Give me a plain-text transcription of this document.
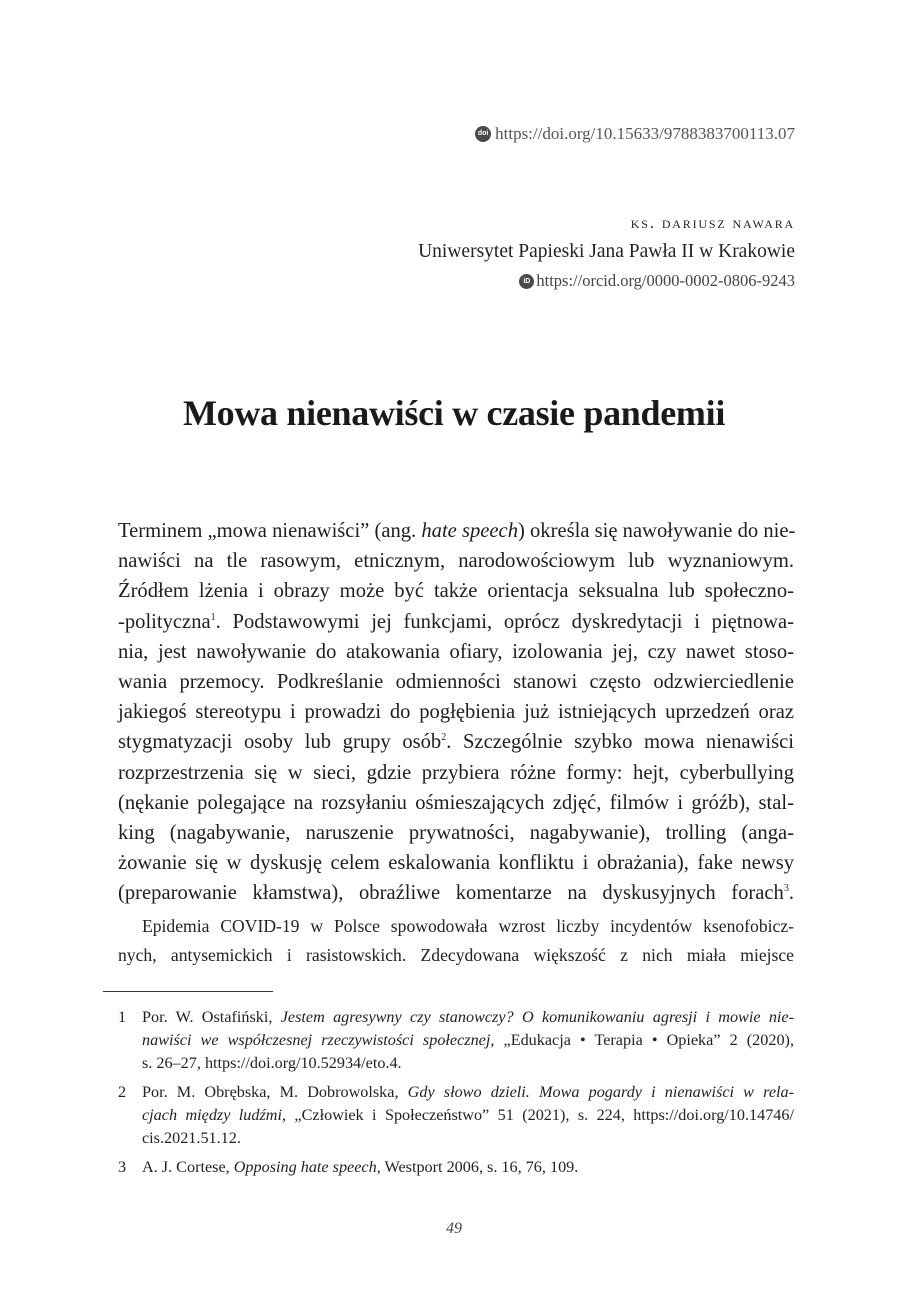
doi https://doi.org/10.15633/9788383700113.07
ks. dariusz nawara
Uniwersytet Papieski Jana Pawła II w Krakowie
iD https://orcid.org/0000-0002-0806-9243
Mowa nienawiści w czasie pandemii

Terminem „mowa nienawiści” (ang. hate speech) określa się nawoływanie do nie-
nawiści na tle rasowym, etnicznym, narodowościowym lub wyznaniowym.
Źródłem lżenia i obrazy może być także orientacja seksualna lub społeczno-
-polityczna$^1$. Podstawowymi jej funkcjami, oprócz dyskredytacji i piętnowa-
nia, jest nawoływanie do atakowania ofiary, izolowania jej, czy nawet stoso-
wania przemocy. Podkreślanie odmienności stanowi często odzwierciedlenie
jakiegoś stereotypu i prowadzi do pogłębienia już istniejących uprzedzeń oraz
stygmatyzacji osoby lub grupy osób$^2$. Szczególnie szybko mowa nienawiści
rozprzestrzenia się w sieci, gdzie przybiera różne formy: hejt, cyberbullying
(nękanie polegające na rozsyłaniu ośmieszających zdjęć, filmów i gróźb), stal-
king (nagabywanie, naruszenie prywatności, nagabywanie), trolling (anga-
żowanie się w dyskusję celem eskalowania konfliktu i obrażania), fake newsy
(preparowanie kłamstwa), obraźliwe komentarze na dyskusyjnych forach$^3$.

Epidemia COVID-19 w Polsce spowodowała wzrost liczby incydentów ksenofobicz-
nych, antysemickich i rasistowskich. Zdecydowana większość z nich miała miejsce
1 Por. W. Ostafiński, Jestem agresywny czy stanowczy? O komunikowaniu agresji i mowie nie-
nawiści we współczesnej rzeczywistości społecznej, „Edukacja • Terapia • Opieka” 2 (2020),
s. 26–27, https://doi.org/10.52934/eto.4.
2 Por. M. Obrębska, M. Dobrowolska, Gdy słowo dzieli. Mowa pogardy i nienawiści w rela-
cjach między ludźmi, „Człowiek i Społeczeństwo” 51 (2021), s. 224, https://doi.org/10.14746/
cis.2021.51.12.
3 A. J. Cortese, Opposing hate speech, Westport 2006, s. 16, 76, 109.
49
